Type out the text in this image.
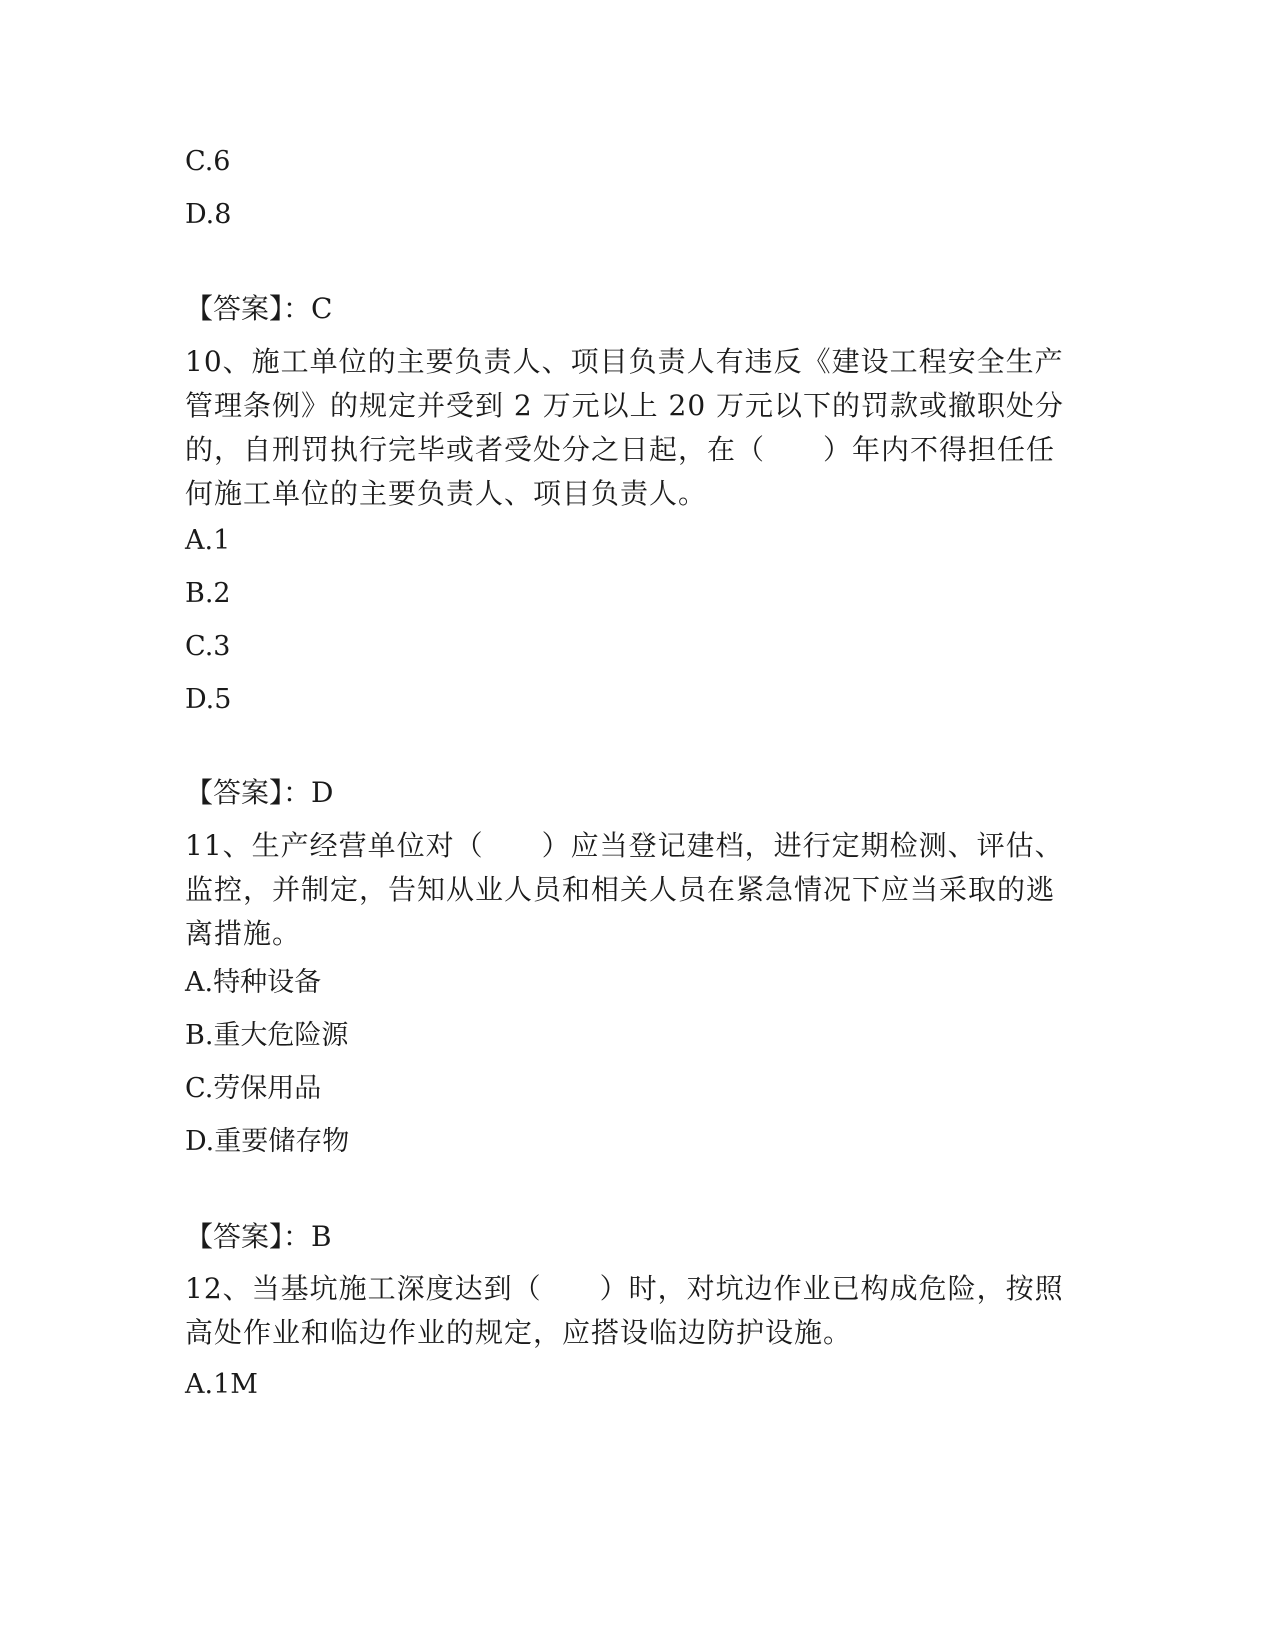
C.6
D.8
【答案】：C
10、施工单位的主要负责人、项目负责人有违反《建设工程安全生产管理条例》的规定并受到 2 万元以上 20 万元以下的罚款或撤职处分的，自刑罚执行完毕或者受处分之日起，在（　　）年内不得担任任何施工单位的主要负责人、项目负责人。
A.1
B.2
C.3
D.5
【答案】：D
11、生产经营单位对（　　）应当登记建档，进行定期检测、评估、监控，并制定，告知从业人员和相关人员在紧急情况下应当采取的逃离措施。
A.特种设备
B.重大危险源
C.劳保用品
D.重要储存物
【答案】：B
12、当基坑施工深度达到（　　）时，对坑边作业已构成危险，按照高处作业和临边作业的规定，应搭设临边防护设施。
A.1M
